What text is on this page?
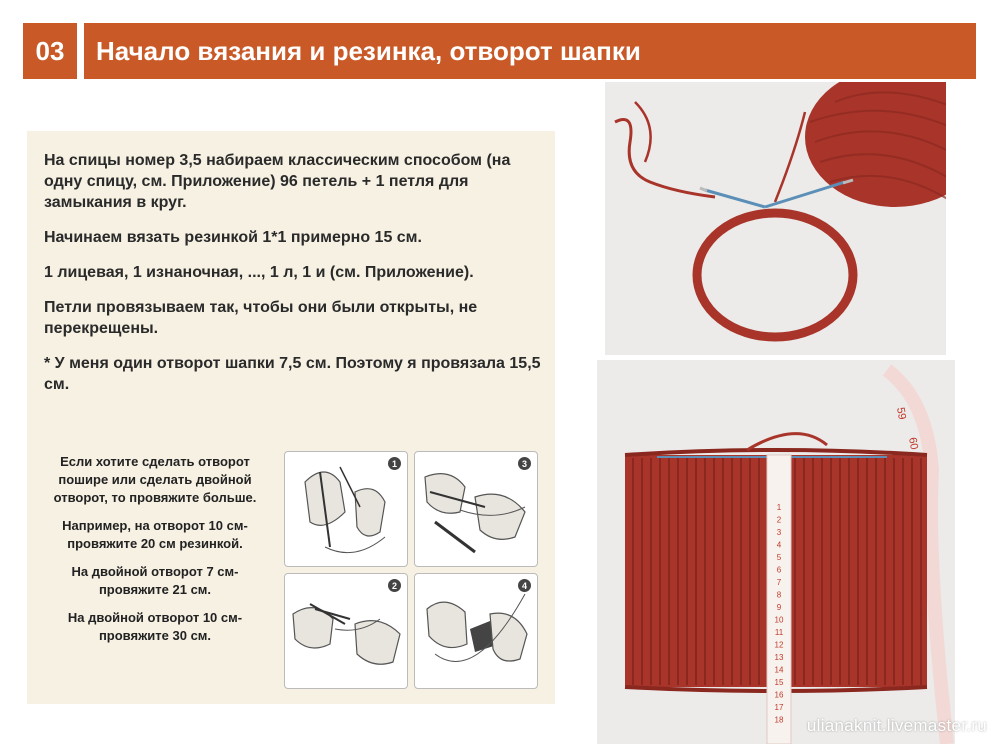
03	Начало вязания и резинка, отворот шапки

На спицы номер 3,5 набираем классическим способом (на одну спицу, см. Приложение) 96 петель + 1 петля для замыкания в круг.

Начинаем вязать резинкой 1*1 примерно 15 см.

1 лицевая, 1 изнаночная, ..., 1 л, 1 и (см. Приложение).

Петли провязываем так, чтобы они были открыты, не перекрещены.

* У меня один отворот шапки 7,5 см. Поэтому я провязала 15,5 см.

Если хотите сделать отворот пошире или сделать двойной отворот, то провяжите больше.

Например, на отворот 10 см- провяжите 20 см резинкой.

На двойной отворот 7 см- провяжите 21 см.

На двойной отворот 10 см- провяжите 30 см.

1	3
2	4
1
2
3
4
5
6
7
8
9
10
11
12
13
14
15
16
17
18
59
60
ulianaknit.livemaster.ru
